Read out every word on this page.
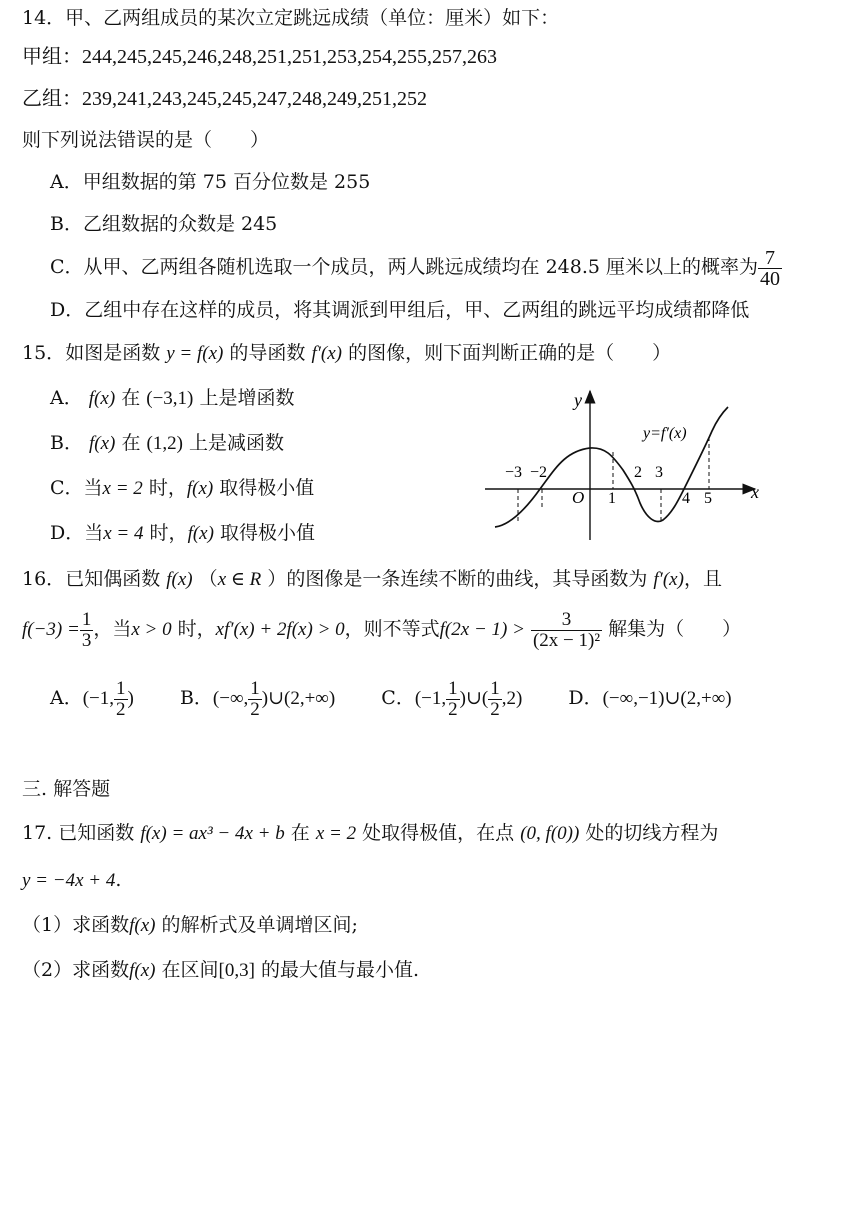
14．甲、乙两组成员的某次立定跳远成绩（单位：厘米）如下：
甲组：244,245,245,246,248,251,251,253,254,255,257,263
乙组：239,241,243,245,245,247,248,249,251,252
则下列说法错误的是（　　）
A．甲组数据的第 75 百分位数是 255
B．乙组数据的众数是 245
C．从甲、乙两组各随机选取一个成员，两人跳远成绩均在 248.5 厘米以上的概率为 $\frac{7}{40}$
D．乙组中存在这样的成员，将其调派到甲组后，甲、乙两组的跳远平均成绩都降低
15．如图是函数 y = f(x) 的导函数 f′(x) 的图像，则下面判断正确的是（　　）
A． f(x) 在 (−3,1) 上是增函数
B． f(x) 在 (1,2) 上是减函数
C．当x = 2 时，f(x) 取得极小值
D．当x = 4 时，f(x) 取得极小值
y
x
O
y=f′(x)
−3 −2
1
2 3
4 5
16．已知偶函数 f(x) （x ∈ R ）的图像是一条连续不断的曲线，其导函数为 f′(x)，且
$f(-3) = \frac{1}{3}$ ，当x > 0 时，xf′(x) + 2f(x) > 0，则不等式$f(2x - 1) > \frac{3}{\text{(2x − 1)²}}$ 解集为（　　）
A．(−1, $\frac{1}{2}$ ) B．(−∞, $\frac{1}{2}$ )∪(2,+∞) C．(−1, $\frac{1}{2}$ )∪( $\frac{1}{2} ,2$) D．(−∞,−1)∪(2,+∞)
三. 解答题
17. 已知函数 f(x) = ax³ − 4x + b 在 x = 2 处取得极值，在点 (0, f(0)) 处的切线方程为
y = −4x + 4.
（1）求函数f(x) 的解析式及单调增区间;
（2）求函数f(x) 在区间[0,3] 的最大值与最小值.
